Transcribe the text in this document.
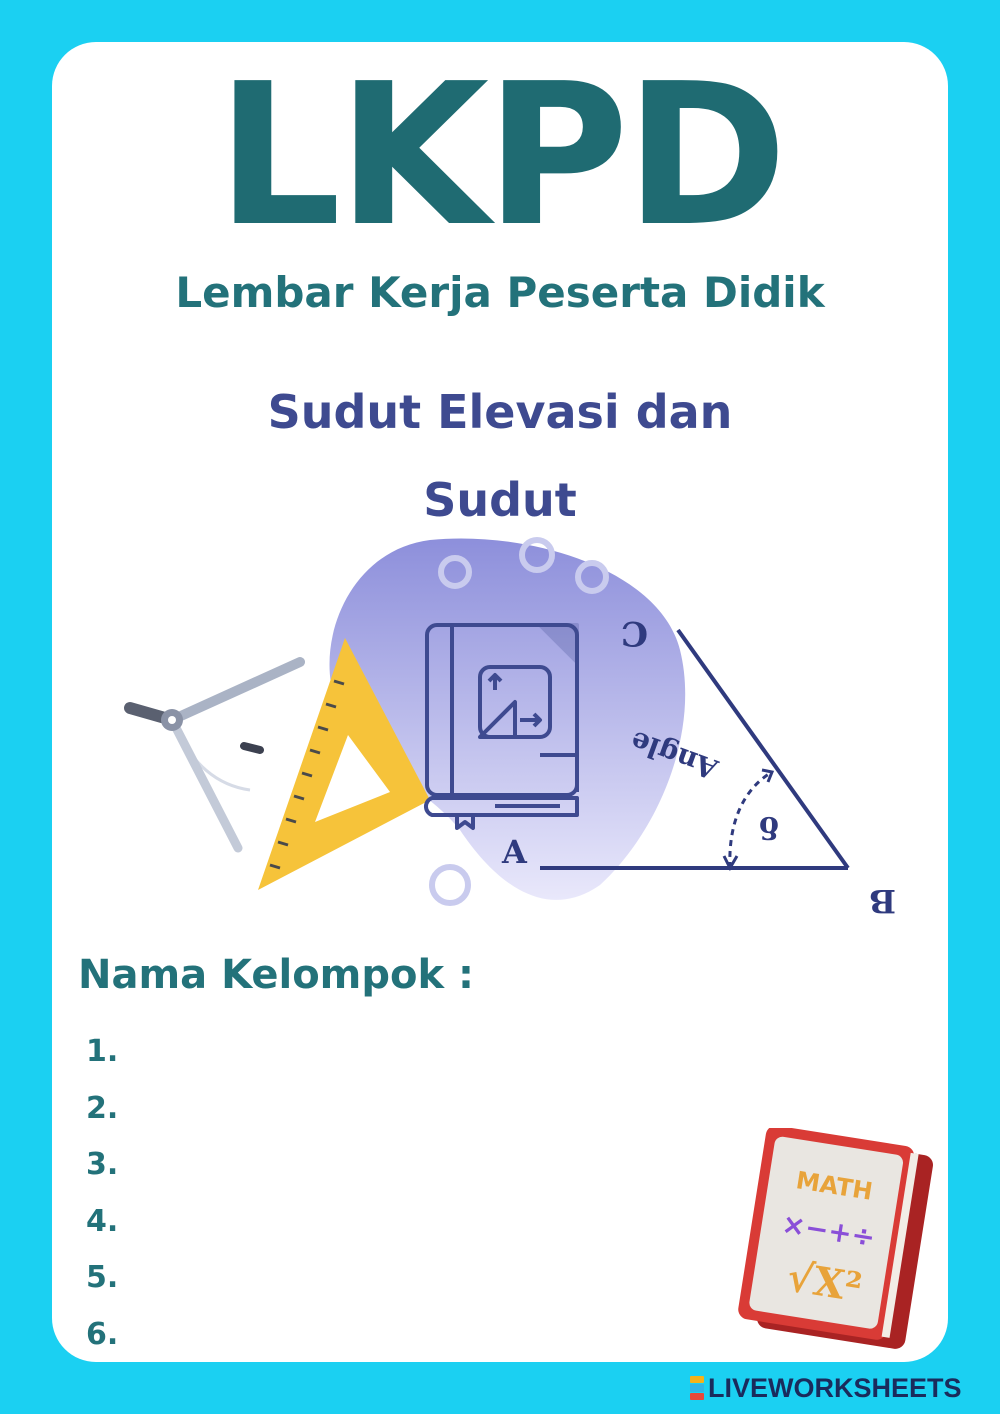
LKPD
Lembar Kerja Peserta Didik
Sudut Elevasi dan Sudut
A
B
C
Angle
δ
Nama Kelompok :
1.
2.
3.
4.
5.
6.
MATH
×−+÷
√X²
LIVEWORKSHEETS
